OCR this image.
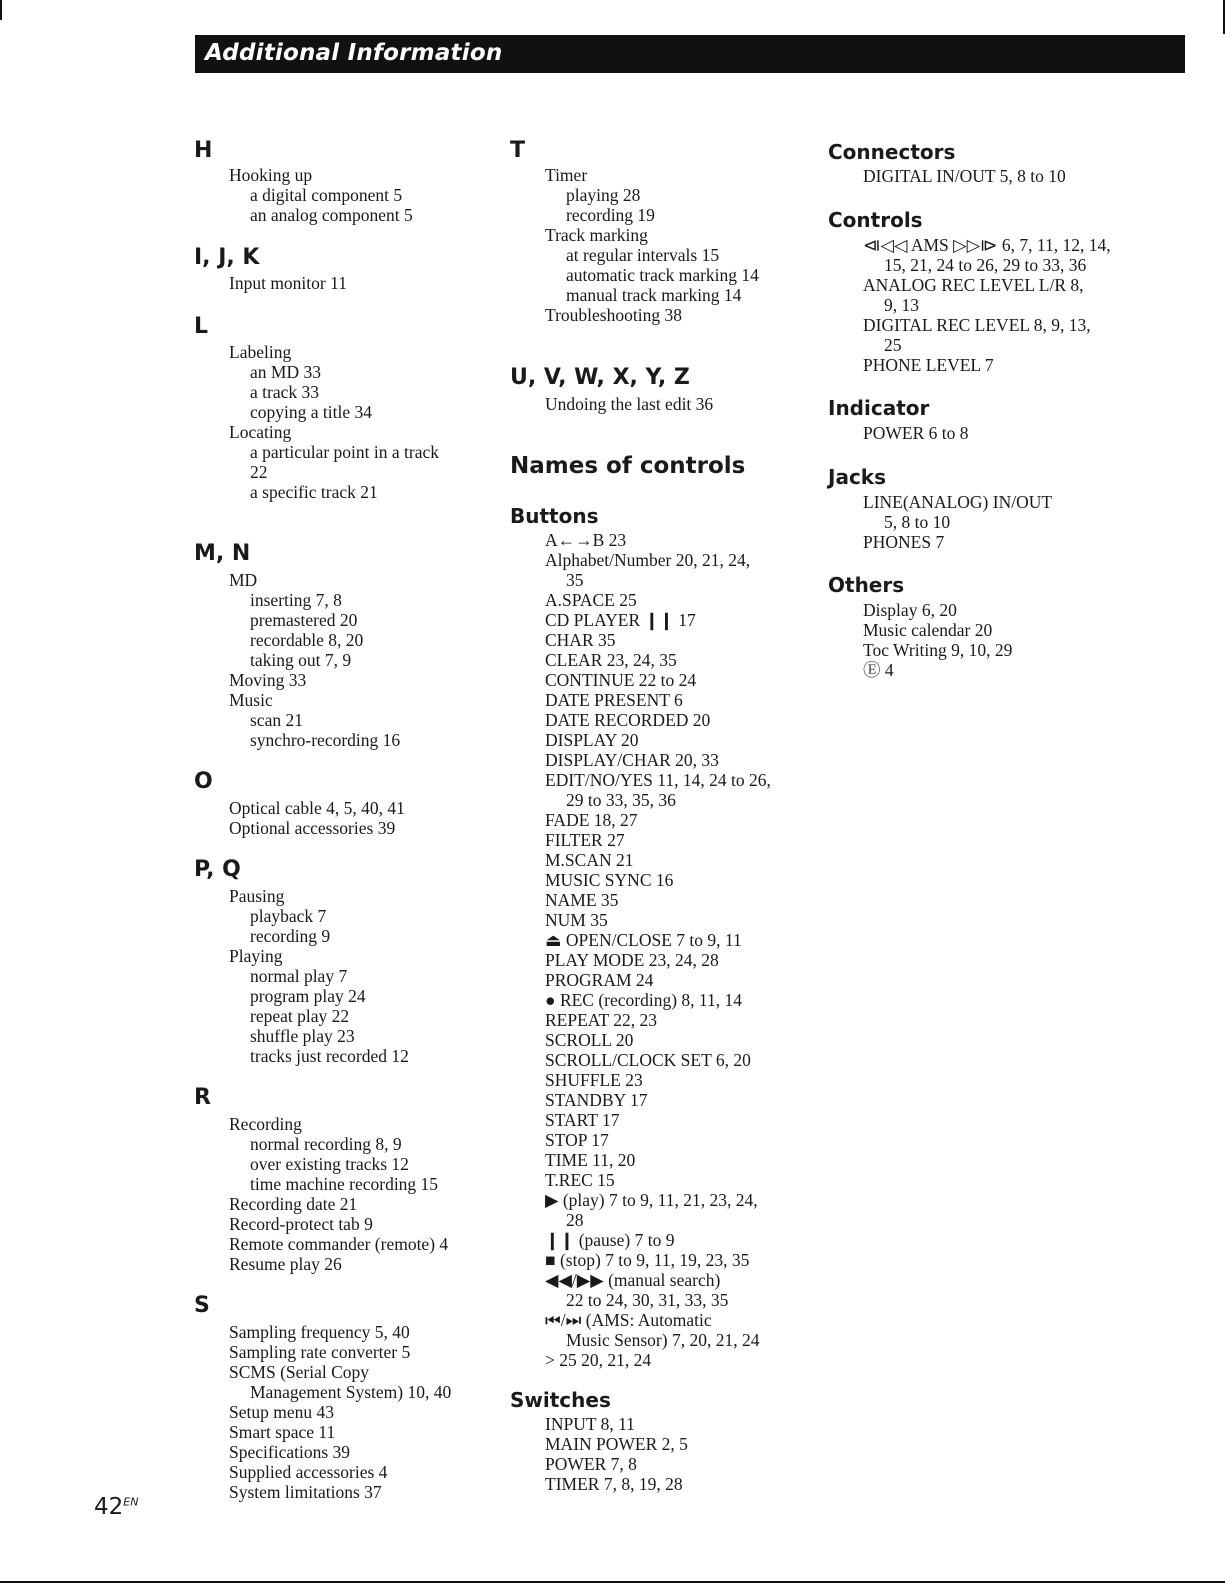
Additional Information
H
Hooking up
a digital component 5
an analog component 5
I, J, K
Input monitor 11
L
Labeling
an MD 33
a track 33
copying a title 34
Locating
a particular point in a track
22
a specific track 21
M, N
MD
inserting 7, 8
premastered 20
recordable 8, 20
taking out 7, 9
Moving 33
Music
scan 21
synchro-recording 16
O
Optical cable 4, 5, 40, 41
Optional accessories 39
P, Q
Pausing
playback 7
recording 9
Playing
normal play 7
program play 24
repeat play 22
shuffle play 23
tracks just recorded 12
R
Recording
normal recording 8, 9
over existing tracks 12
time machine recording 15
Recording date 21
Record-protect tab 9
Remote commander (remote) 4
Resume play 26
S
Sampling frequency 5, 40
Sampling rate converter 5
SCMS (Serial Copy
Management System) 10, 40
Setup menu 43
Smart space 11
Specifications 39
Supplied accessories 4
System limitations 37
T
Timer
playing 28
recording 19
Track marking
at regular intervals 15
automatic track marking 14
manual track marking 14
Troubleshooting 38
U, V, W, X, Y, Z
Undoing the last edit 36
Names of controls
Buttons
A←→B 23
Alphabet/Number 20, 21, 24,
35
A.SPACE 25
CD PLAYER ❙❙ 17
CHAR 35
CLEAR 23, 24, 35
CONTINUE 22 to 24
DATE PRESENT 6
DATE RECORDED 20
DISPLAY 20
DISPLAY/CHAR 20, 33
EDIT/NO/YES 11, 14, 24 to 26,
29 to 33, 35, 36
FADE 18, 27
FILTER 27
M.SCAN 21
MUSIC SYNC 16
NAME 35
NUM 35
⏏ OPEN/CLOSE 7 to 9, 11
PLAY MODE 23, 24, 28
PROGRAM 24
● REC (recording) 8, 11, 14
REPEAT 22, 23
SCROLL 20
SCROLL/CLOCK SET 6, 20
SHUFFLE 23
STANDBY 17
START 17
STOP 17
TIME 11, 20
T.REC 15
▶ (play) 7 to 9, 11, 21, 23, 24,
28
❙❙ (pause) 7 to 9
■ (stop) 7 to 9, 11, 19, 23, 35
◀◀/▶▶ (manual search)
22 to 24, 30, 31, 33, 35
⏮/⏭ (AMS: Automatic
Music Sensor) 7, 20, 21, 24
> 25 20, 21, 24
Switches
INPUT 8, 11
MAIN POWER 2, 5
POWER 7, 8
TIMER 7, 8, 19, 28
Connectors
DIGITAL IN/OUT 5, 8 to 10
Controls
⧏◁◁ AMS ▷▷⧐ 6, 7, 11, 12, 14,
15, 21, 24 to 26, 29 to 33, 36
ANALOG REC LEVEL L/R 8,
9, 13
DIGITAL REC LEVEL 8, 9, 13,
25
PHONE LEVEL 7
Indicator
POWER 6 to 8
Jacks
LINE(ANALOG) IN/OUT
5, 8 to 10
PHONES 7
Others
Display 6, 20
Music calendar 20
Toc Writing 9, 10, 29
Ⓔ 4
$42^{EN}$
